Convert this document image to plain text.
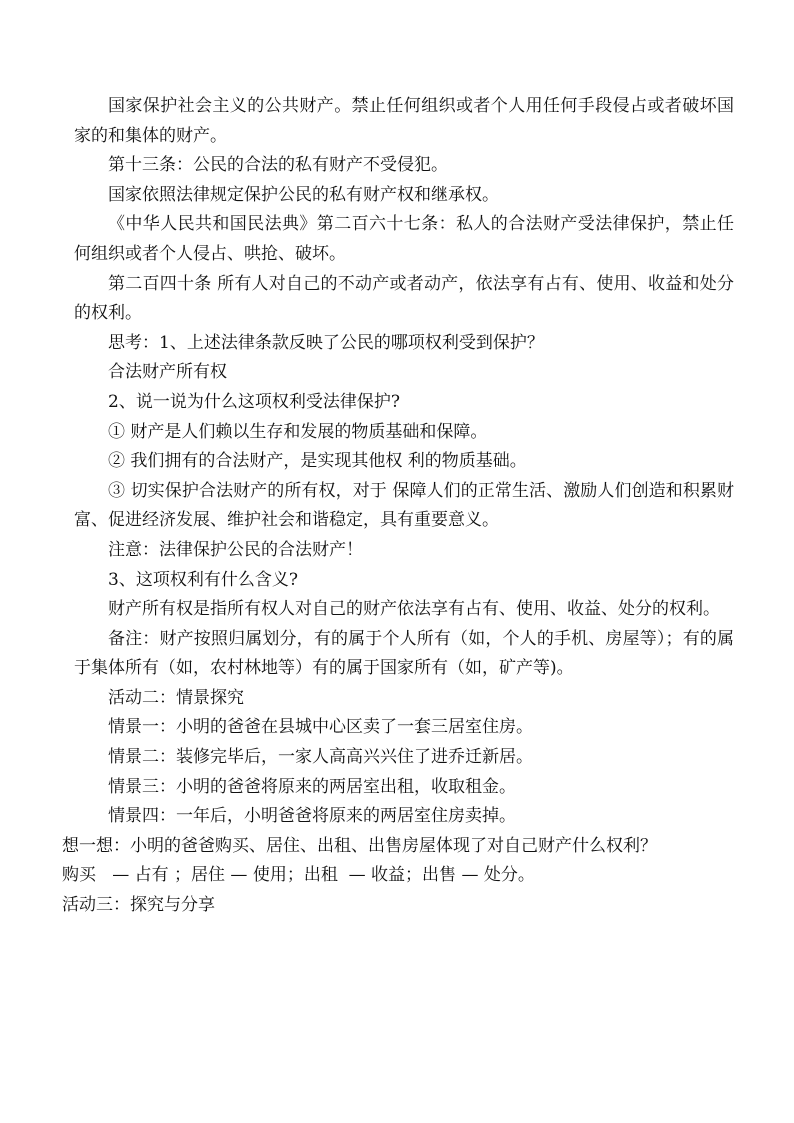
国家保护社会主义的公共财产。禁止任何组织或者个人用任何手段侵占或者破坏国家的和集体的财产。

第十三条：公民的合法的私有财产不受侵犯。

国家依照法律规定保护公民的私有财产权和继承权。

《中华人民共和国民法典》第二百六十七条：私人的合法财产受法律保护，禁止任何组织或者个人侵占、哄抢、破坏。

第二百四十条 所有人对自己的不动产或者动产，依法享有占有、使用、收益和处分的权利。

思考：1、上述法律条款反映了公民的哪项权利受到保护？

合法财产所有权

2、说一说为什么这项权利受法律保护?

① 财产是人们赖以生存和发展的物质基础和保障。

② 我们拥有的合法财产，是实现其他权 利的物质基础。

③ 切实保护合法财产的所有权，对于 保障人们的正常生活、激励人们创造和积累财富、促进经济发展、维护社会和谐稳定，具有重要意义。

注意：法律保护公民的合法财产！

3、这项权利有什么含义?

财产所有权是指所有权人对自己的财产依法享有占有、使用、收益、处分的权利。

备注：财产按照归属划分，有的属于个人所有（如，个人的手机、房屋等）；有的属于集体所有（如，农村林地等）有的属于国家所有（如，矿产等)。

活动二：情景探究

情景一：小明的爸爸在县城中心区卖了一套三居室住房。

情景二：装修完毕后，一家人高高兴兴住了进乔迁新居。

情景三：小明的爸爸将原来的两居室出租，收取租金。

情景四：一年后，小明爸爸将原来的两居室住房卖掉。

想一想：小明的爸爸购买、居住、出租、出售房屋体现了对自己财产什么权利？

购买   — 占有 ；居住 — 使用；出租  — 收益；出售 — 处分。

活动三：探究与分享
